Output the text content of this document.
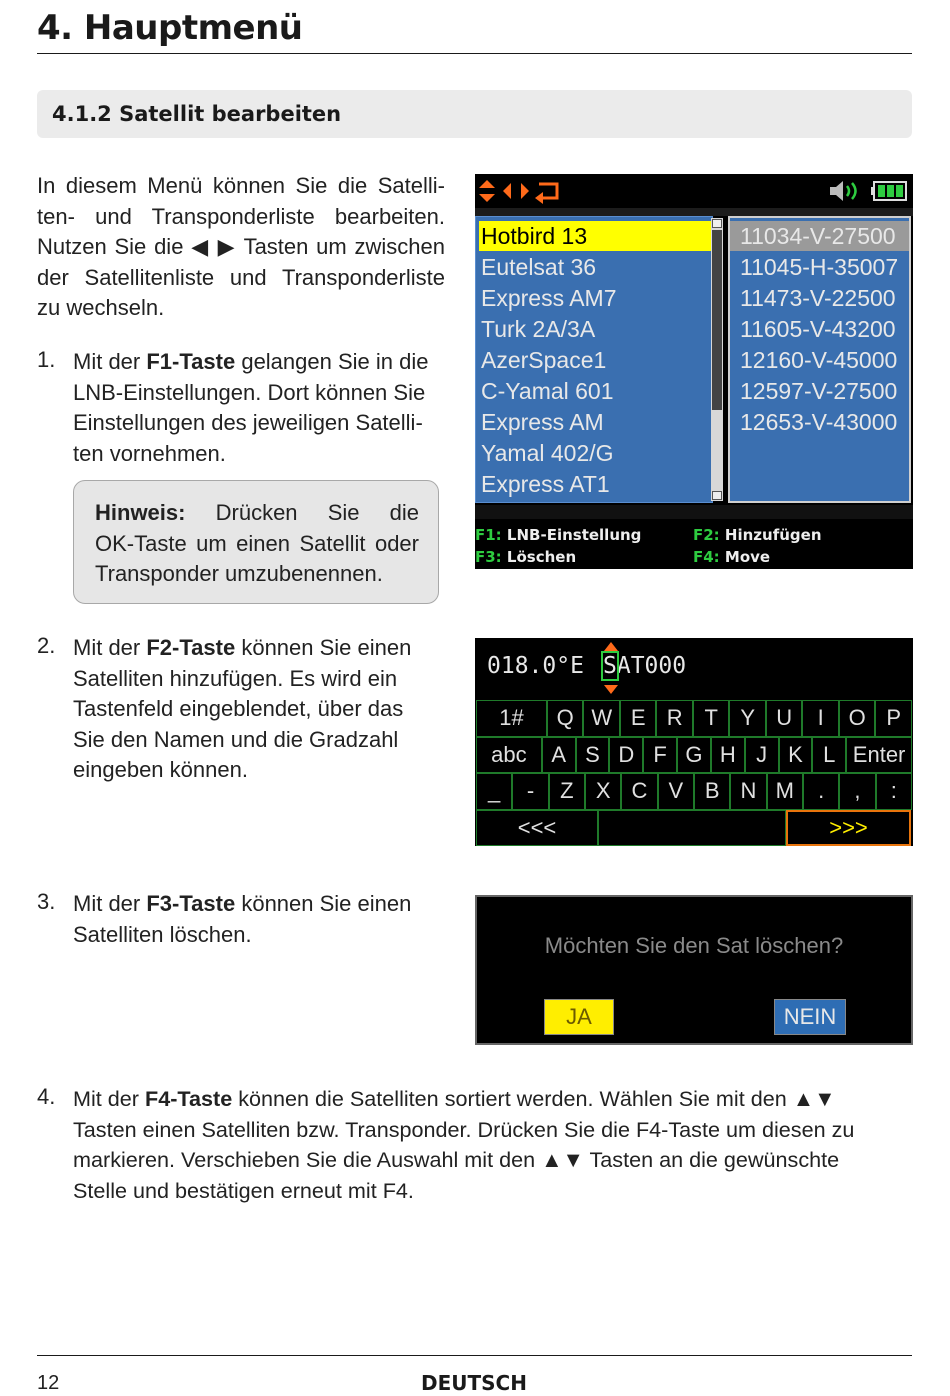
4. Hauptmenü
4.1.2 Satellit bearbeiten
In diesem Menü können Sie die Satelli-
ten- und Transponderliste bearbeiten.
Nutzen Sie die ◀ ▶ Tasten um zwischen
der Satellitenliste und Transponderliste
zu wechseln.
1. Mit der F1-Taste gelangen Sie in die
LNB-Einstellungen. Dort können Sie
Einstellungen des jeweiligen Satelli-
ten vornehmen.
Hinweis: Drücken Sie die
OK-Taste um einen Satellit oder
Transponder umzubenennen.
2. Mit der F2-Taste können Sie einen
Satelliten hinzufügen. Es wird ein
Tastenfeld eingeblendet, über das
Sie den Namen und die Gradzahl
eingeben können.
3. Mit der F3-Taste können Sie einen
Satelliten löschen.
4. Mit der F4-Taste können die Satelliten sortiert werden. Wählen Sie mit den ▲▼
Tasten einen Satelliten bzw. Transponder. Drücken Sie die F4-Taste um diesen zu
markieren. Verschieben Sie die Auswahl mit den ▲▼ Tasten an die gewünschte
Stelle und bestätigen erneut mit F4.
Hotbird 13
Eutelsat 36
Express AM7
Turk 2A/3A
AzerSpace1
C-Yamal 601
Express AM
Yamal 402/G
Express AT1
11034-V-27500
11045-H-35007
11473-V-22500
11605-V-43200
12160-V-45000
12597-V-27500
12653-V-43000
F1: LNB-Einstellung	F2: Hinzufügen
F3: Löschen	F4: Move
018.0°E SAT000
1#	Q W E R T	Y U	I	O P
abc	A S D F G H J K L Enter
_	-	Z	X C V B N M	.	,	:
<<<	>>>
Möchten Sie den Sat löschen?
JA	NEIN
12	DEUTSCH
